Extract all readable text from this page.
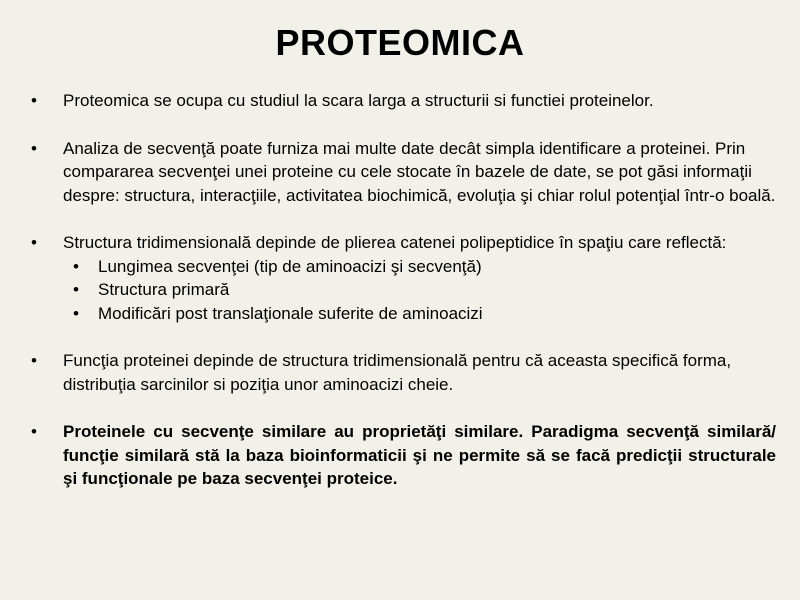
PROTEOMICA
• Proteomica se ocupa cu studiul la scara larga a structurii si functiei proteinelor.
• Analiza de secvenţă poate furniza mai multe date decât simpla identificare a proteinei. Prin compararea secvenţei unei proteine cu cele stocate în bazele de date, se pot găsi informaţii despre: structura, interacţiile, activitatea biochimică, evoluţia şi chiar rolul potenţial într-o boală.
• Structura tridimensională depinde de plierea catenei polipeptidice în spaţiu care reflectă:
• Lungimea secvenţei (tip de aminoacizi şi secvenţă)
• Structura primară
• Modificări post translaţionale suferite de aminoacizi
• Funcţia proteinei depinde de structura tridimensională pentru că aceasta specifică forma, distribuţia sarcinilor si poziţia unor aminoacizi cheie.
• Proteinele cu secvenţe similare au proprietăţi similare. Paradigma secvenţă similară/ funcţie similară stă la baza bioinformaticii şi ne permite să se facă predicţii structurale şi funcţionale pe baza secvenţei proteice.
